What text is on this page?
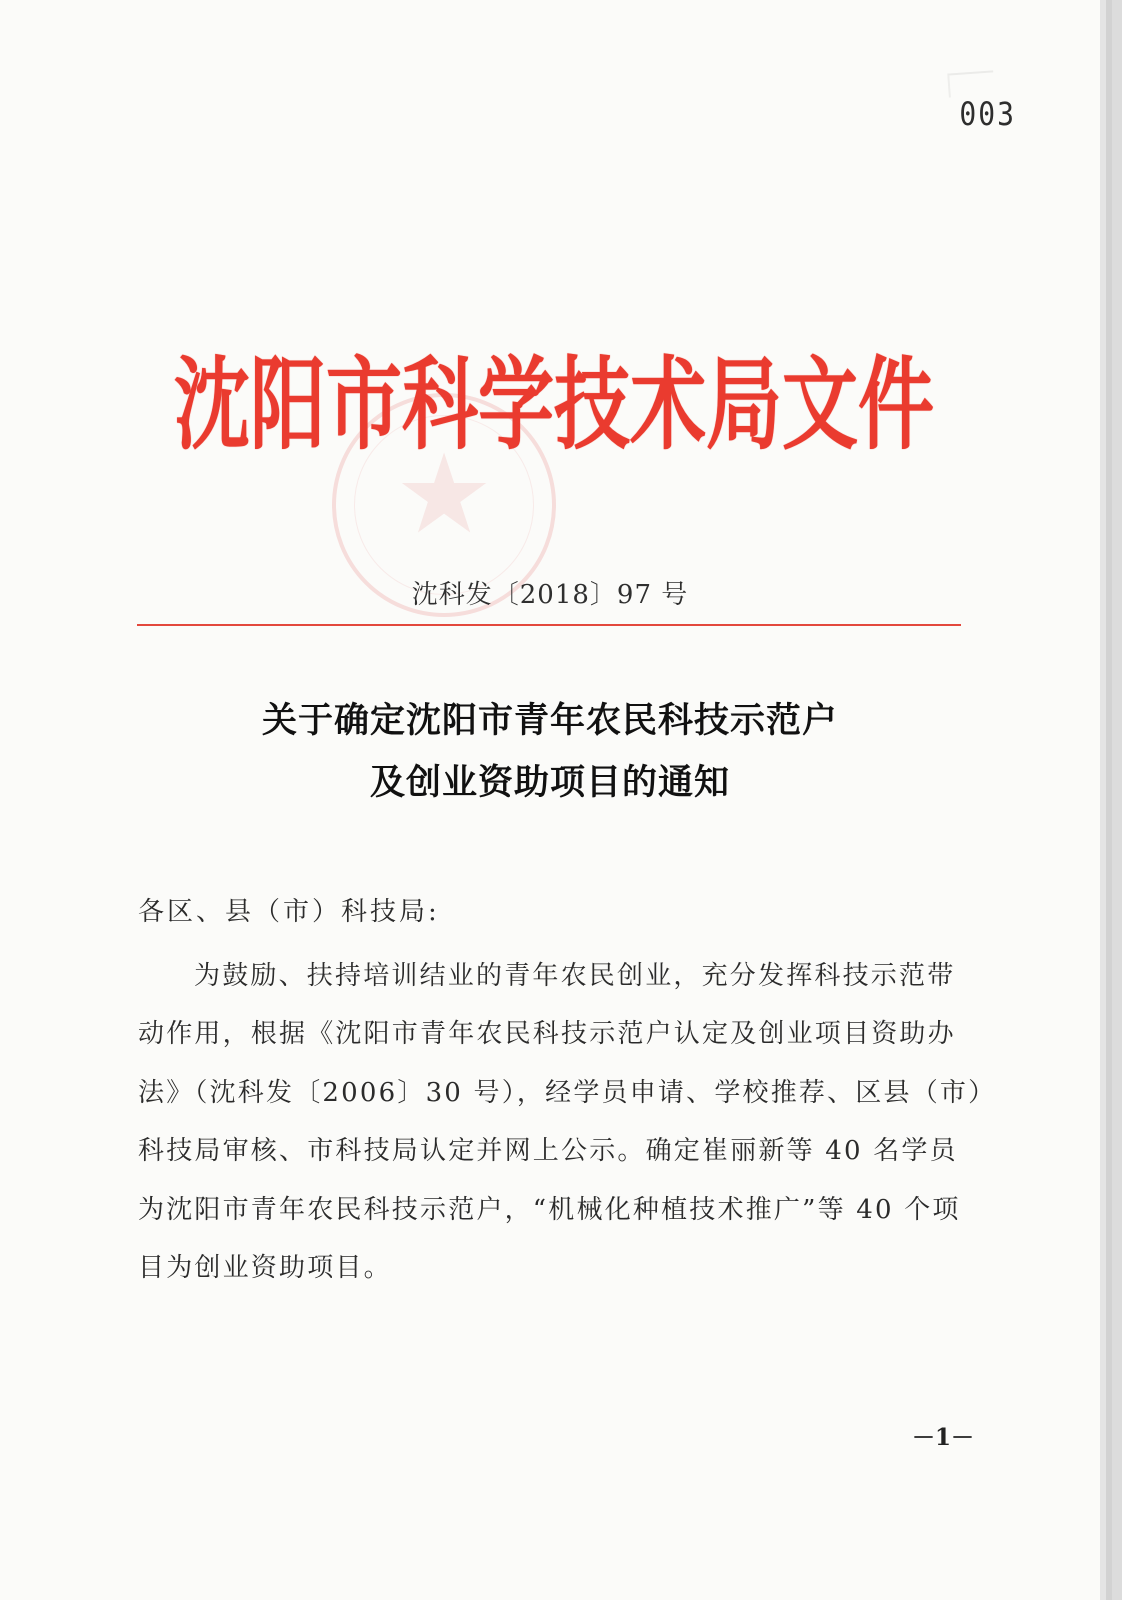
003
★
沈阳市科学技术局文件
沈科发〔2018〕97 号
关于确定沈阳市青年农民科技示范户
及创业资助项目的通知
各区、县（市）科技局:
为鼓励、扶持培训结业的青年农民创业，充分发挥科技示范带
动作用，根据《沈阳市青年农民科技示范户认定及创业项目资助办
法》（沈科发〔2006〕30 号），经学员申请、学校推荐、区县（市）
科技局审核、市科技局认定并网上公示。确定崔丽新等 40 名学员
为沈阳市青年农民科技示范户，“机械化种植技术推广”等 40 个项
目为创业资助项目。
－1－
